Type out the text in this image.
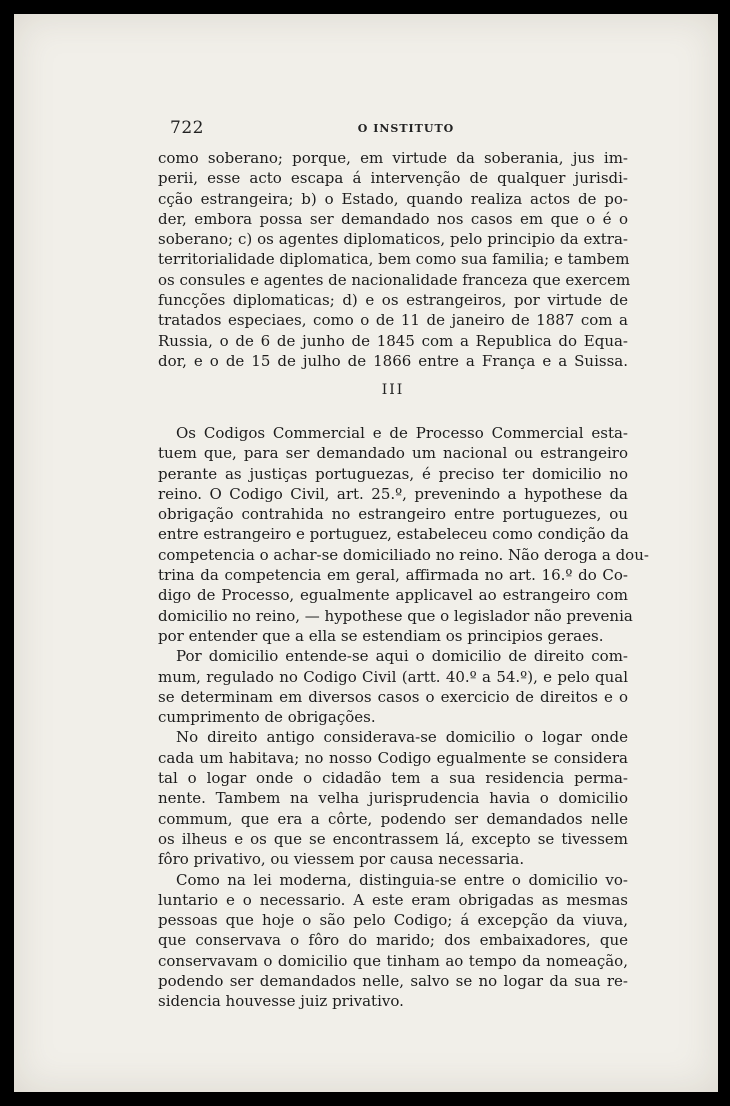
722	O INSTITUTO
como soberano; porque, em virtude da soberania, jus im-
perii, esse acto escapa á intervenção de qualquer jurisdi-
cção estrangeira; b) o Estado, quando realiza actos de po-
der, embora possa ser demandado nos casos em que o é o
soberano; c) os agentes diplomaticos, pelo principio da extra-
territorialidade diplomatica, bem como sua familia; e tambem
os consules e agentes de nacionalidade franceza que exercem
funcções diplomaticas; d) e os estrangeiros, por virtude de
tratados especiaes, como o de 11 de janeiro de 1887 com a
Russia, o de 6 de junho de 1845 com a Republica do Equa-
dor, e o de 15 de julho de 1866 entre a França e a Suissa.
III
Os Codigos Commercial e de Processo Commercial esta-
tuem que, para ser demandado um nacional ou estrangeiro
perante as justiças portuguezas, é preciso ter domicilio no
reino. O Codigo Civil, art. 25.º, prevenindo a hypothese da
obrigação contrahida no estrangeiro entre portuguezes, ou
entre estrangeiro e portuguez, estabeleceu como condição da
competencia o achar-se domiciliado no reino. Não deroga a dou-
trina da competencia em geral, affirmada no art. 16.º do Co-
digo de Processo, egualmente applicavel ao estrangeiro com
domicilio no reino, — hypothese que o legislador não prevenia
por entender que a ella se estendiam os principios geraes.
Por domicilio entende-se aqui o domicilio de direito com-
mum, regulado no Codigo Civil (artt. 40.º a 54.º), e pelo qual
se determinam em diversos casos o exercicio de direitos e o
cumprimento de obrigações.
No direito antigo considerava-se domicilio o logar onde
cada um habitava; no nosso Codigo egualmente se considera
tal o logar onde o cidadão tem a sua residencia perma-
nente. Tambem na velha jurisprudencia havia o domicilio
commum, que era a côrte, podendo ser demandados nelle
os ilheus e os que se encontrassem lá, excepto se tivessem
fôro privativo, ou viessem por causa necessaria.
Como na lei moderna, distinguia-se entre o domicilio vo-
luntario e o necessario. A este eram obrigadas as mesmas
pessoas que hoje o são pelo Codigo; á excepção da viuva,
que conservava o fôro do marido; dos embaixadores, que
conservavam o domicilio que tinham ao tempo da nomeação,
podendo ser demandados nelle, salvo se no logar da sua re-
sidencia houvesse juiz privativo.
